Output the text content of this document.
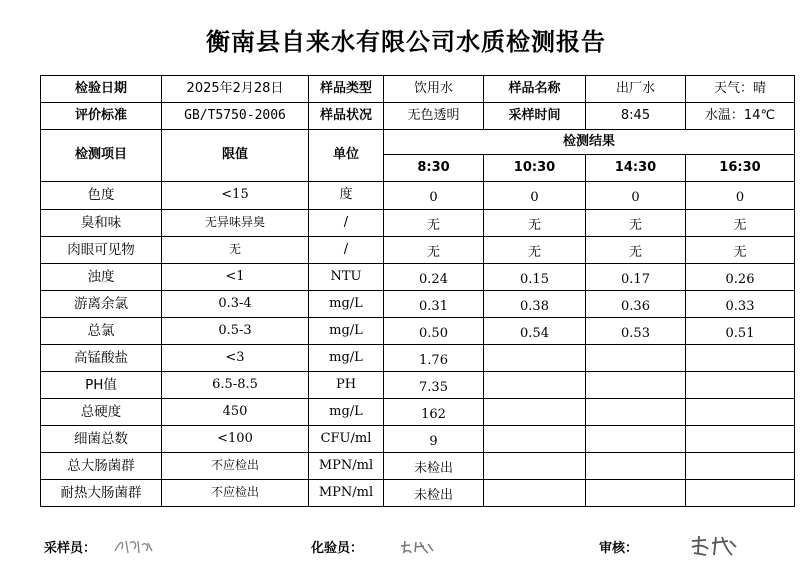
衡南县自来水有限公司水质检测报告
检验日期	2025年2月28日	样品类型	饮用水	样品名称	出厂水	天气：晴
评价标准	GB/T5750-2006	样品状况	无色透明	采样时间	8:45	水温：14℃
检测项目	限值	单位	检测结果			
			8:30	10:30	14:30	16:30
色度	<15	度	0	0	0	0
臭和味	无异味异臭	/	无	无	无	无
肉眼可见物	无	/	无	无	无	无
浊度	<1	NTU	0.24	0.15	0.17	0.26
游离余氯	0.3-4	mg/L	0.31	0.38	0.36	0.33
总氯	0.5-3	mg/L	0.50	0.54	0.53	0.51
高锰酸盐	<3	mg/L	1.76			
PH值	6.5-8.5	PH	7.35			
总硬度	450	mg/L	162			
细菌总数	<100	CFU/ml	9			
总大肠菌群	不应检出	MPN/ml	未检出			
耐热大肠菌群	不应检出	MPN/ml	未检出			
采样员：	化验员：	审核：
